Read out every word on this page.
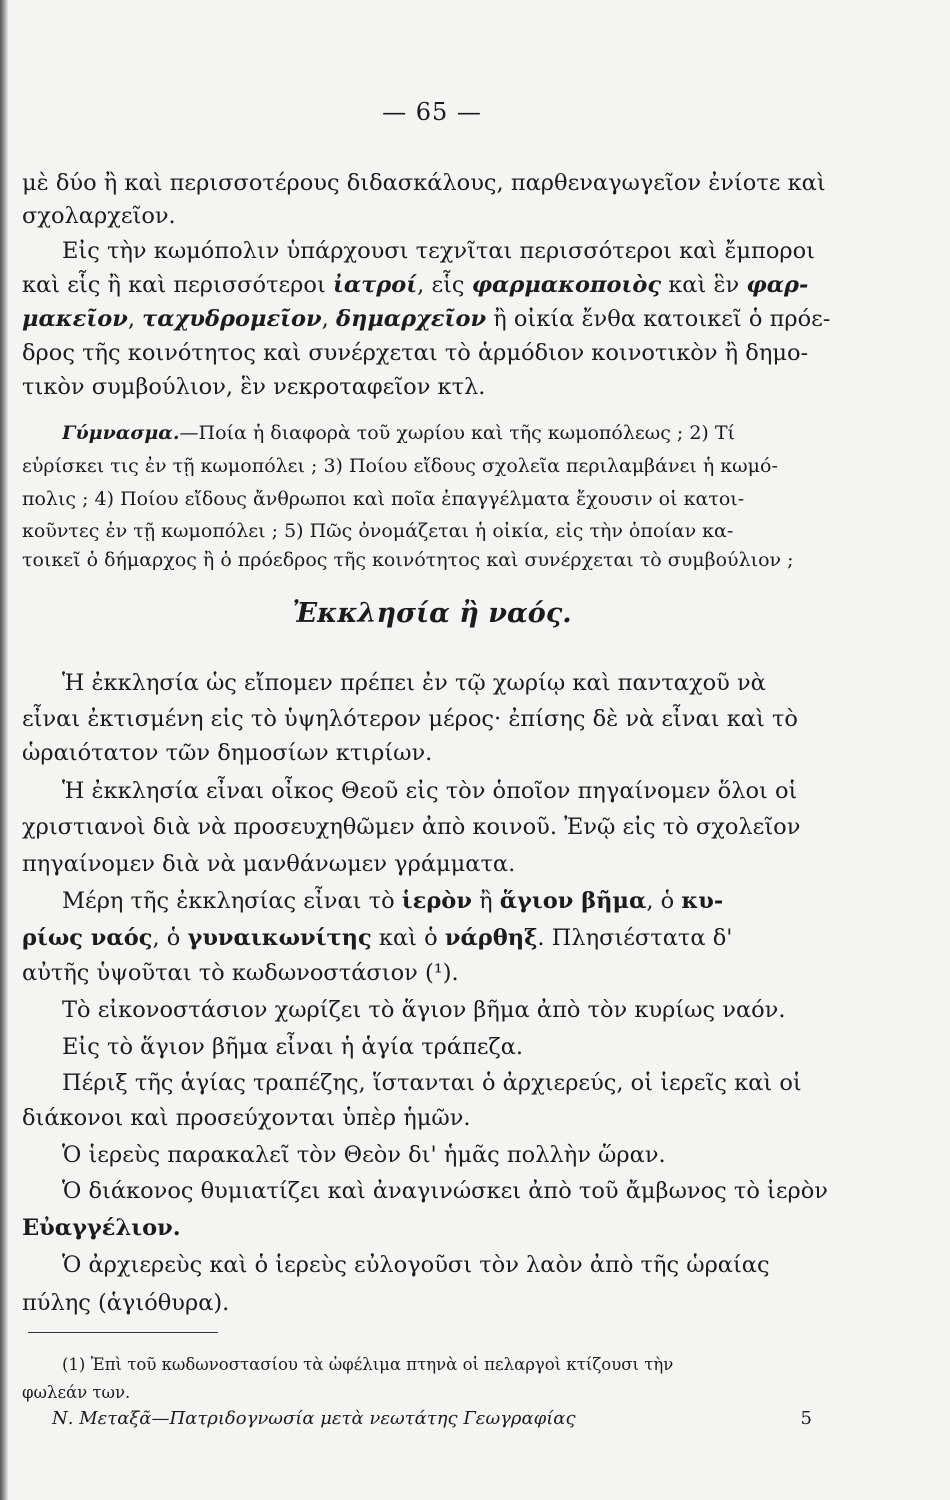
— 65 —
μὲ δύο ἢ καὶ περισσοτέρους διδασκάλους, παρθεναγωγεῖον ἐνίοτε καὶ
σχολαρχεῖον.
Εἰς τὴν κωμόπολιν ὑπάρχουσι τεχνῖται περισσότεροι καὶ ἔμποροι
καὶ εἷς ἢ καὶ περισσότεροι ἰατροί, εἷς φαρμακοποιὸς καὶ ἓν φαρ-
μακεῖον, ταχυδρομεῖον, δημαρχεῖον ἢ οἰκία ἔνθα κατοικεῖ ὁ πρόε-
δρος τῆς κοινότητος καὶ συνέρχεται τὸ ἁρμόδιον κοινοτικὸν ἢ δημο-
τικὸν συμβούλιον, ἓν νεκροταφεῖον κτλ.
Γύμνασμα.—Ποία ἡ διαφορὰ τοῦ χωρίου καὶ τῆς κωμοπόλεως ; 2) Τί
εὑρίσκει τις ἐν τῇ κωμοπόλει ; 3) Ποίου εἴδους σχολεῖα περιλαμβάνει ἡ κωμό-
πολις ; 4) Ποίου εἴδους ἄνθρωποι καὶ ποῖα ἐπαγγέλματα ἔχουσιν οἱ κατοι-
κοῦντες ἐν τῇ κωμοπόλει ; 5) Πῶς ὀνομάζεται ἡ οἰκία, εἰς τὴν ὁποίαν κα-
τοικεῖ ὁ δήμαρχος ἢ ὁ πρόεδρος τῆς κοινότητος καὶ συνέρχεται τὸ συμβούλιον ;
Ἐκκλησία ἢ ναός.
Ἡ ἐκκλησία ὡς εἴπομεν πρέπει ἐν τῷ χωρίῳ καὶ πανταχοῦ νὰ
εἶναι ἐκτισμένη εἰς τὸ ὑψηλότερον μέρος· ἐπίσης δὲ νὰ εἶναι καὶ τὸ
ὡραιότατον τῶν δημοσίων κτιρίων.
Ἡ ἐκκλησία εἶναι οἶκος Θεοῦ εἰς τὸν ὁποῖον πηγαίνομεν ὅλοι οἱ
χριστιανοὶ διὰ νὰ προσευχηθῶμεν ἀπὸ κοινοῦ. Ἐνῷ εἰς τὸ σχολεῖον
πηγαίνομεν διὰ νὰ μανθάνωμεν γράμματα.
Μέρη τῆς ἐκκλησίας εἶναι τὸ ἱερὸν ἢ ἅγιον βῆμα, ὁ κυ-
ρίως ναός, ὁ γυναικωνίτης καὶ ὁ νάρθηξ. Πλησιέστατα δ'
αὐτῆς ὑψοῦται τὸ κωδωνοστάσιον (¹).
Τὸ εἰκονοστάσιον χωρίζει τὸ ἅγιον βῆμα ἀπὸ τὸν κυρίως ναόν.
Εἰς τὸ ἅγιον βῆμα εἶναι ἡ ἁγία τράπεζα.
Πέριξ τῆς ἁγίας τραπέζης, ἵστανται ὁ ἀρχιερεύς, οἱ ἱερεῖς καὶ οἱ
διάκονοι καὶ προσεύχονται ὑπὲρ ἡμῶν.
Ὁ ἱερεὺς παρακαλεῖ τὸν Θεὸν δι' ἡμᾶς πολλὴν ὥραν.
Ὁ διάκονος θυμιατίζει καὶ ἀναγινώσκει ἀπὸ τοῦ ἄμβωνος τὸ ἱερὸν
Εὐαγγέλιον.
Ὁ ἀρχιερεὺς καὶ ὁ ἱερεὺς εὐλογοῦσι τὸν λαὸν ἀπὸ τῆς ὡραίας
πύλης (ἁγιόθυρα).
(1) Ἐπὶ τοῦ κωδωνοστασίου τὰ ὠφέλιμα πτηνὰ οἱ πελαργοὶ κτίζουσι τὴν
φωλεάν των.
Ν. Μεταξᾶ—Πατριδογνωσία μετὰ νεωτάτης Γεωγραφίας	5
